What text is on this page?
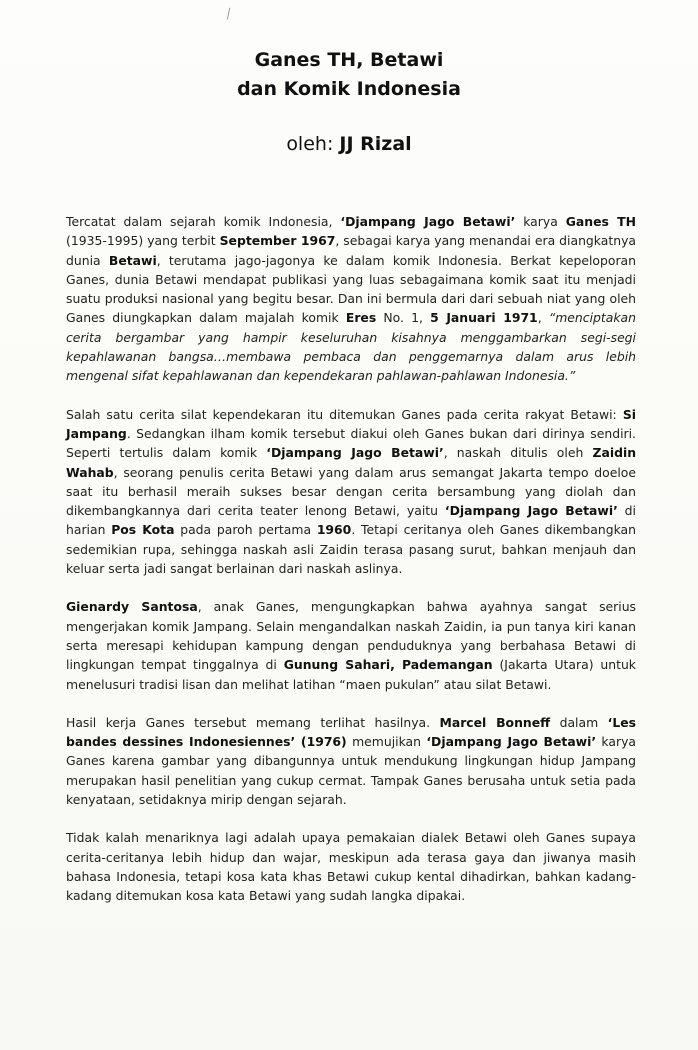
Ganes TH, Betawi
dan Komik Indonesia
oleh: JJ Rizal

Tercatat dalam sejarah komik Indonesia, ‘Djampang Jago Betawi’ karya Ganes TH (1935-1995) yang terbit September 1967, sebagai karya yang menandai era diangkatnya dunia Betawi, terutama jago-jagonya ke dalam komik Indonesia. Berkat kepeloporan Ganes, dunia Betawi mendapat publikasi yang luas sebagaimana komik saat itu menjadi suatu produksi nasional yang begitu besar. Dan ini bermula dari dari sebuah niat yang oleh Ganes diungkapkan dalam majalah komik Eres No. 1, 5 Januari 1971, “menciptakan cerita bergambar yang hampir keseluruhan kisahnya menggambarkan segi-segi kepahlawanan bangsa…membawa pembaca dan penggemarnya dalam arus lebih mengenal sifat kepahlawanan dan kependekaran pahlawan-pahlawan Indonesia.”

Salah satu cerita silat kependekaran itu ditemukan Ganes pada cerita rakyat Betawi: Si Jampang. Sedangkan ilham komik tersebut diakui oleh Ganes bukan dari dirinya sendiri. Seperti tertulis dalam komik ‘Djampang Jago Betawi’, naskah ditulis oleh Zaidin Wahab, seorang penulis cerita Betawi yang dalam arus semangat Jakarta tempo doeloe saat itu berhasil meraih sukses besar dengan cerita bersambung yang diolah dan dikembangkannya dari cerita teater lenong Betawi, yaitu ‘Djampang Jago Betawi’ di harian Pos Kota pada paroh pertama 1960. Tetapi ceritanya oleh Ganes dikembangkan sedemikian rupa, sehingga naskah asli Zaidin terasa pasang surut, bahkan menjauh dan keluar serta jadi sangat berlainan dari naskah aslinya.

Gienardy Santosa, anak Ganes, mengungkapkan bahwa ayahnya sangat serius mengerjakan komik Jampang. Selain mengandalkan naskah Zaidin, ia pun tanya kiri kanan serta meresapi kehidupan kampung dengan penduduknya yang berbahasa Betawi di lingkungan tempat tinggalnya di Gunung Sahari, Pademangan (Jakarta Utara) untuk menelusuri tradisi lisan dan melihat latihan “maen pukulan” atau silat Betawi.

Hasil kerja Ganes tersebut memang terlihat hasilnya. Marcel Bonneff dalam ‘Les bandes dessines Indonesiennes’ (1976) memujikan ‘Djampang Jago Betawi’ karya Ganes karena gambar yang dibangunnya untuk mendukung lingkungan hidup Jampang merupakan hasil penelitian yang cukup cermat. Tampak Ganes berusaha untuk setia pada kenyataan, setidaknya mirip dengan sejarah.

Tidak kalah menariknya lagi adalah upaya pemakaian dialek Betawi oleh Ganes supaya cerita-ceritanya lebih hidup dan wajar, meskipun ada terasa gaya dan jiwanya masih bahasa Indonesia, tetapi kosa kata khas Betawi cukup kental dihadirkan, bahkan kadang-kadang ditemukan kosa kata Betawi yang sudah langka dipakai.
